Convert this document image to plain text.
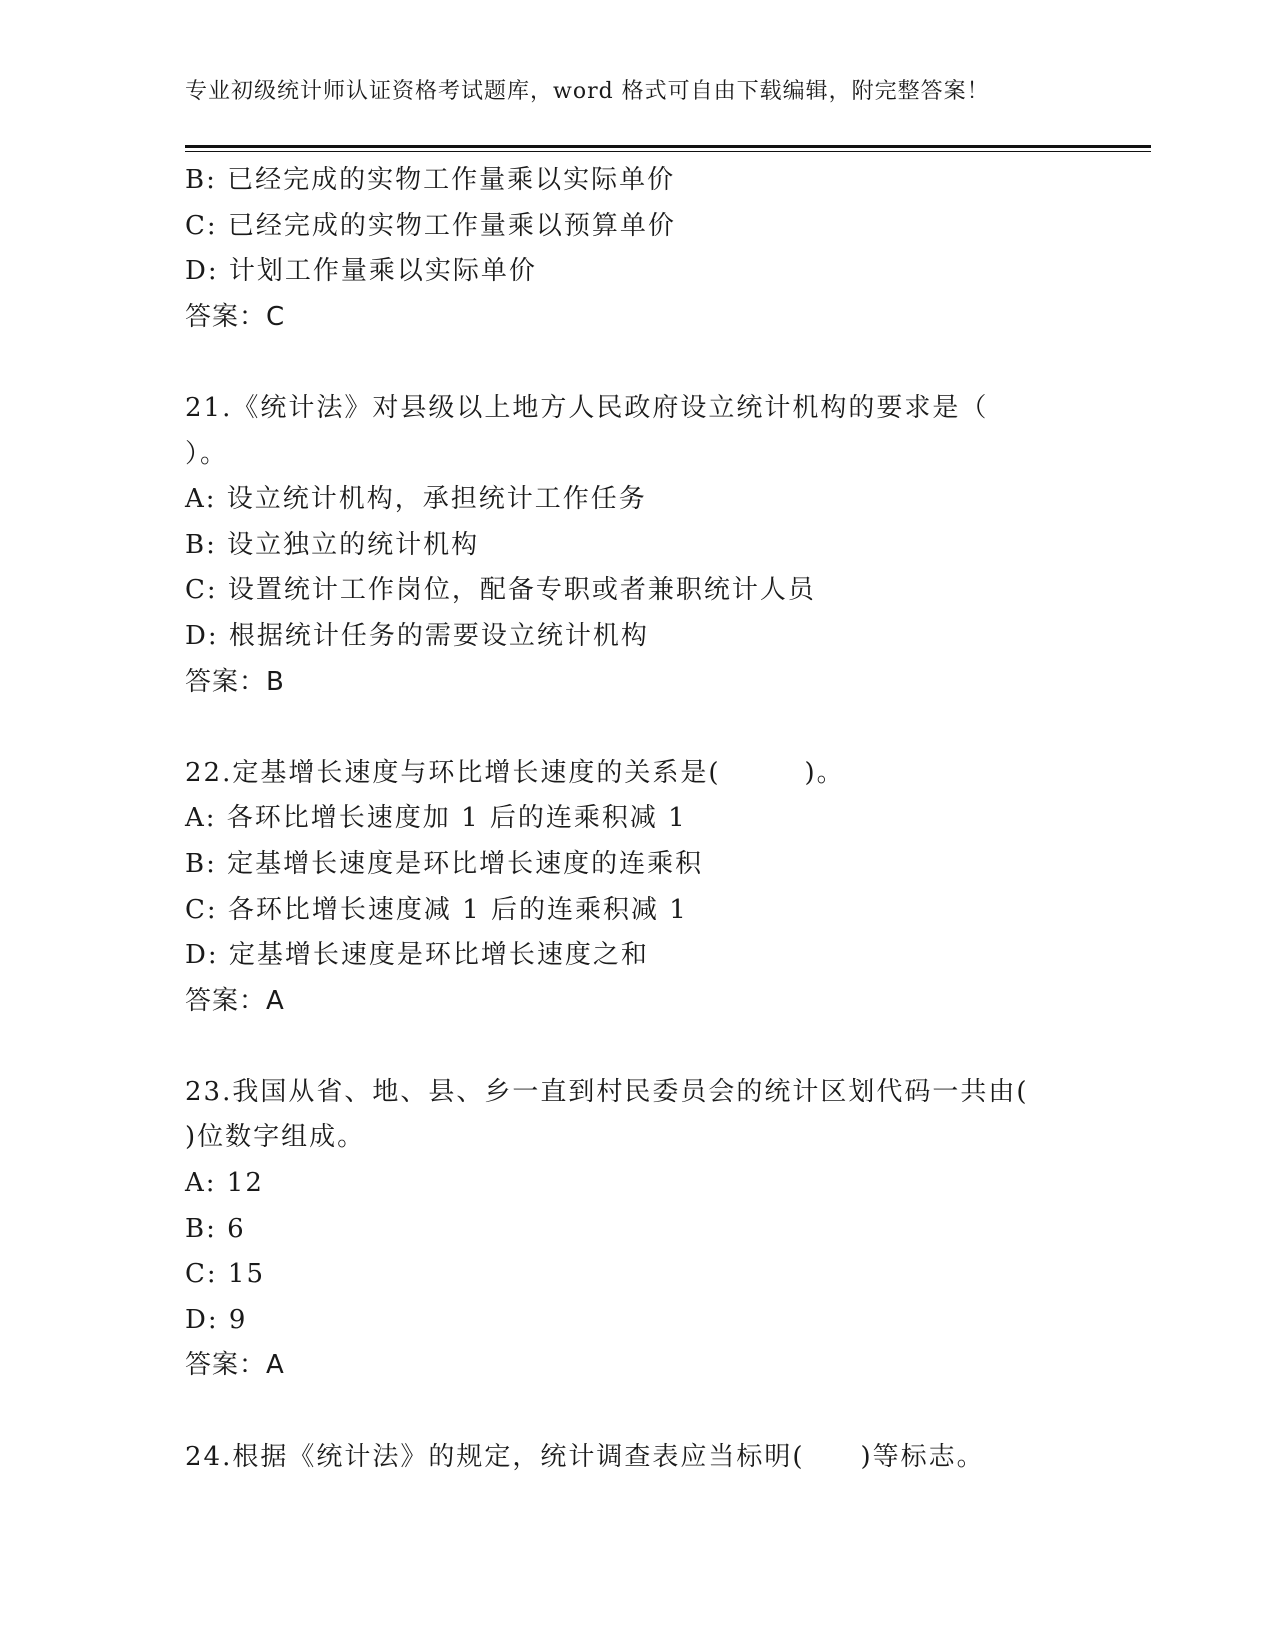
专业初级统计师认证资格考试题库，word 格式可自由下载编辑，附完整答案！
B: 已经完成的实物工作量乘以实际单价
C: 已经完成的实物工作量乘以预算单价
D: 计划工作量乘以实际单价
答案：C
21.《统计法》对县级以上地方人民政府设立统计机构的要求是（
）。
A: 设立统计机构，承担统计工作任务
B: 设立独立的统计机构
C: 设置统计工作岗位，配备专职或者兼职统计人员
D: 根据统计任务的需要设立统计机构
答案：B
22.定基增长速度与环比增长速度的关系是(　　　)。
A: 各环比增长速度加 1 后的连乘积减 1
B: 定基增长速度是环比增长速度的连乘积
C: 各环比增长速度减 1 后的连乘积减 1
D: 定基增长速度是环比增长速度之和
答案：A
23.我国从省、地、县、乡一直到村民委员会的统计区划代码一共由(
)位数字组成。
A: 12
B: 6
C: 15
D: 9
答案：A
24.根据《统计法》的规定，统计调查表应当标明(　　)等标志。
